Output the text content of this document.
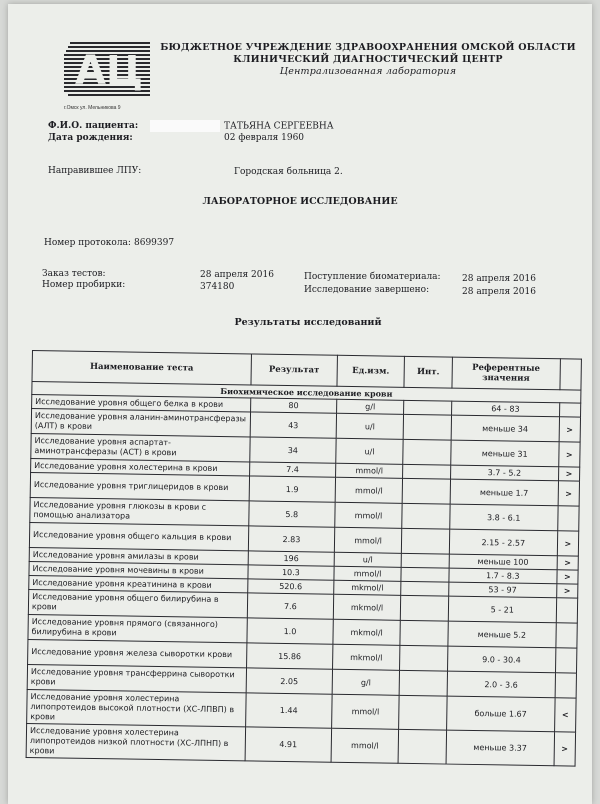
АЦ
г.Омск ул. Мельникова 9
БЮДЖЕТНОЕ УЧРЕЖДЕНИЕ ЗДРАВООХРАНЕНИЯ ОМСКОЙ ОБЛАСТИ
КЛИНИЧЕСКИЙ ДИАГНОСТИЧЕСКИЙ ЦЕНТР
Централизованная лаборатория
Ф.И.О. пациента:	ТАТЬЯНА СЕРГЕЕВНА
Дата рождения:	02 февраля 1960
Направившее ЛПУ:	Городская больница 2.
ЛАБОРАТОРНОЕ ИССЛЕДОВАНИЕ
Номер протокола: 8699397
Заказ тестов:	28 апреля 2016
Номер пробирки:	374180
Поступление биоматериала: 28 апреля 2016
Исследование завершено:	28 апреля 2016
Результаты исследований
Наименование теста	Результат	Ед.изм.	Инт.	Референтные значения	
Биохимическое исследование крови					
Исследование уровня общего белка в крови	80	g/l		64 - 83	
Исследование уровня аланин-аминотрансферазы (АЛТ) в крови	43	u/l		меньше 34	>
Исследование уровня аспартат-аминотрансферазы (АСТ) в крови	34	u/l		меньше 31	>
Исследование уровня холестерина в крови	7.4	mmol/l		3.7 - 5.2	>
Исследование уровня триглицеридов в крови	1.9	mmol/l		меньше 1.7	>
Исследование уровня глюкозы в крови с помощью анализатора	5.8	mmol/l		3.8 - 6.1	
Исследование уровня общего кальция в крови	2.83	mmol/l		2.15 - 2.57	>
Исследование уровня амилазы в крови	196	u/l		меньше 100	>
Исследование уровня мочевины в крови	10.3	mmol/l		1.7 - 8.3	>
Исследование уровня креатинина в крови	520.6	mkmol/l		53 - 97	>
Исследование уровня общего билирубина в крови	7.6	mkmol/l		5 - 21	
Исследование уровня прямого (связанного) билирубина в крови	1.0	mkmol/l		меньше 5.2	
Исследование уровня железа сыворотки крови	15.86	mkmol/l		9.0 - 30.4	
Исследование уровня трансферрина сыворотки крови	2.05	g/l		2.0 - 3.6	
Исследование уровня холестерина липопротеидов высокой плотности (ХС-ЛПВП) в крови	1.44	mmol/l		больше 1.67	<
Исследование уровня холестерина липопротеидов низкой плотности (ХС-ЛПНП) в крови	4.91	mmol/l		меньше 3.37	>
